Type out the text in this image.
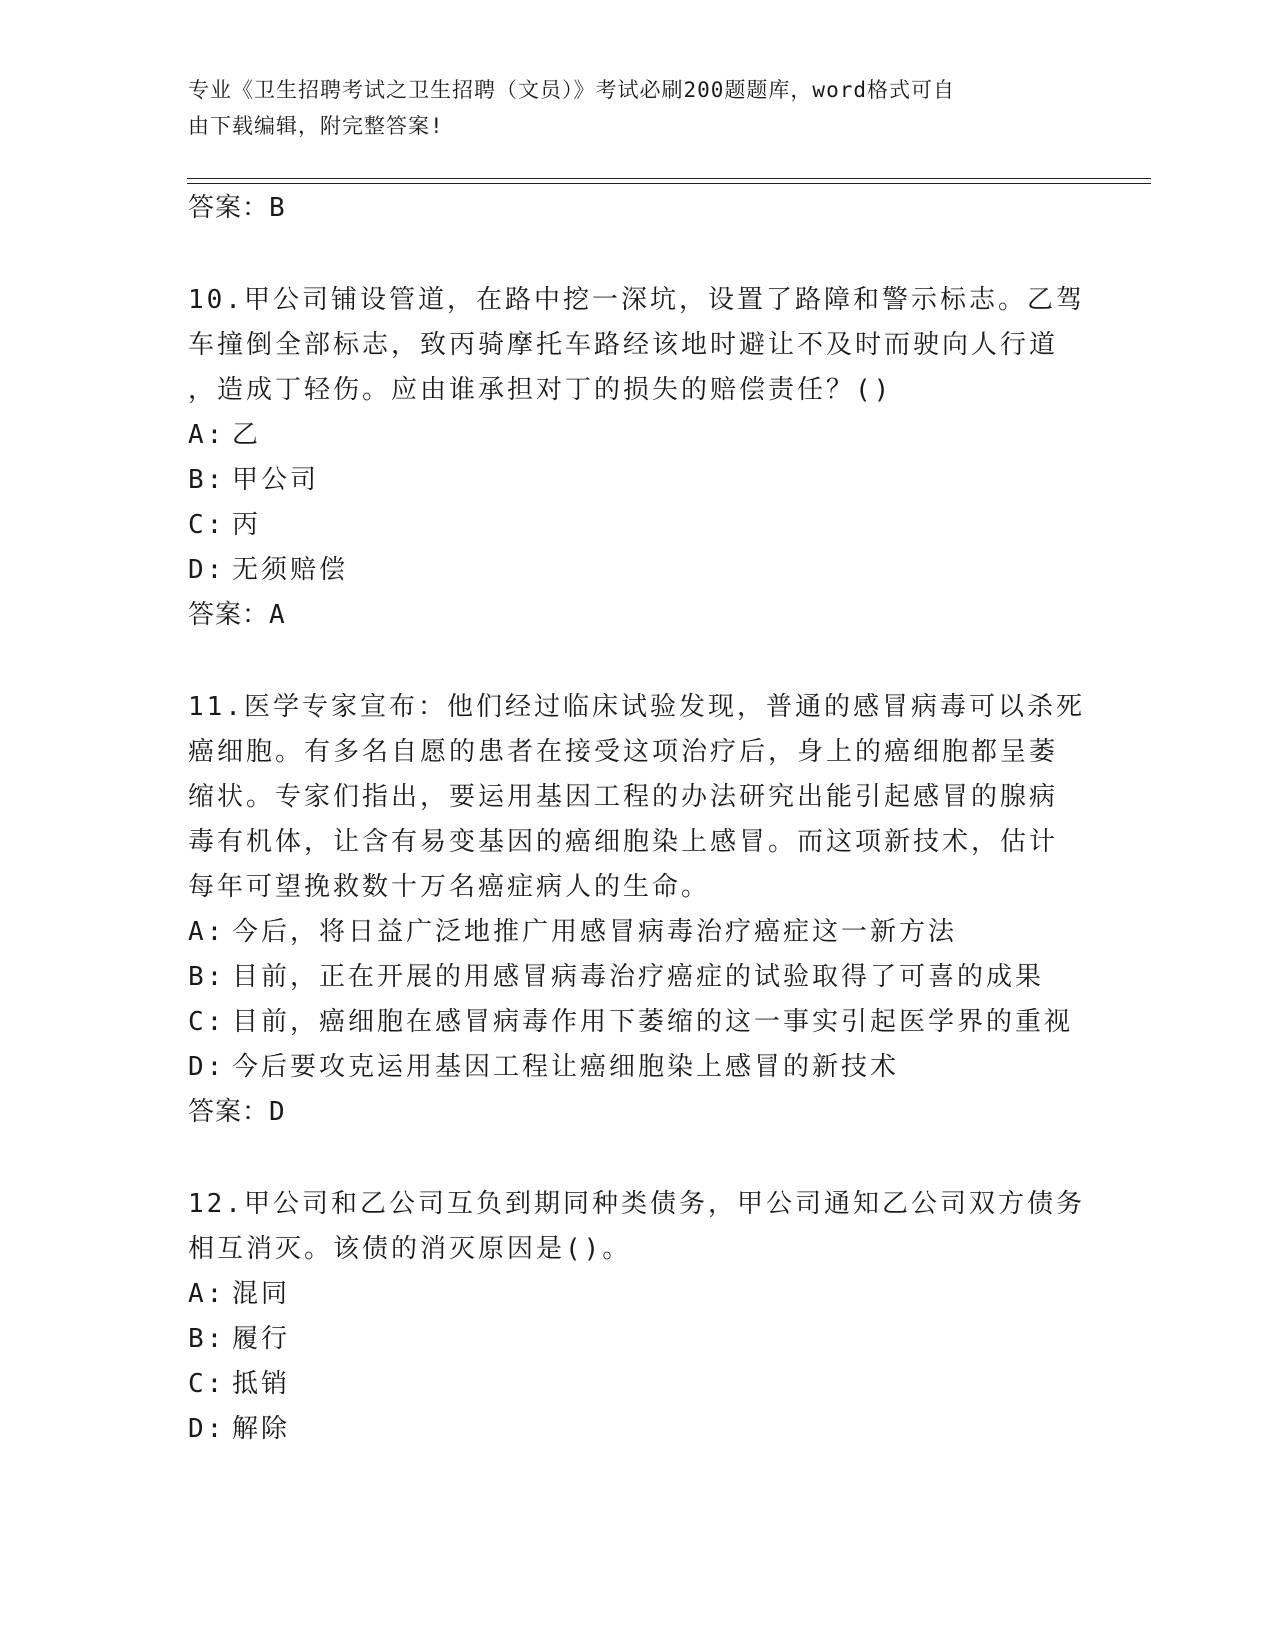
专业《卫生招聘考试之卫生招聘（文员）》考试必刷200题题库，word格式可自
由下载编辑，附完整答案!
答案：B
10.甲公司铺设管道，在路中挖一深坑，设置了路障和警示标志。乙驾
车撞倒全部标志，致丙骑摩托车路经该地时避让不及时而驶向人行道
，造成丁轻伤。应由谁承担对丁的损失的赔偿责任？()
A: 乙
B: 甲公司
C: 丙
D: 无须赔偿
答案：A
11.医学专家宣布：他们经过临床试验发现，普通的感冒病毒可以杀死
癌细胞。有多名自愿的患者在接受这项治疗后，身上的癌细胞都呈萎
缩状。专家们指出，要运用基因工程的办法研究出能引起感冒的腺病
毒有机体，让含有易变基因的癌细胞染上感冒。而这项新技术，估计
每年可望挽救数十万名癌症病人的生命。
A: 今后，将日益广泛地推广用感冒病毒治疗癌症这一新方法
B: 目前，正在开展的用感冒病毒治疗癌症的试验取得了可喜的成果
C: 目前，癌细胞在感冒病毒作用下萎缩的这一事实引起医学界的重视
D: 今后要攻克运用基因工程让癌细胞染上感冒的新技术
答案：D
12.甲公司和乙公司互负到期同种类债务，甲公司通知乙公司双方债务
相互消灭。该债的消灭原因是()。
A: 混同
B: 履行
C: 抵销
D: 解除
